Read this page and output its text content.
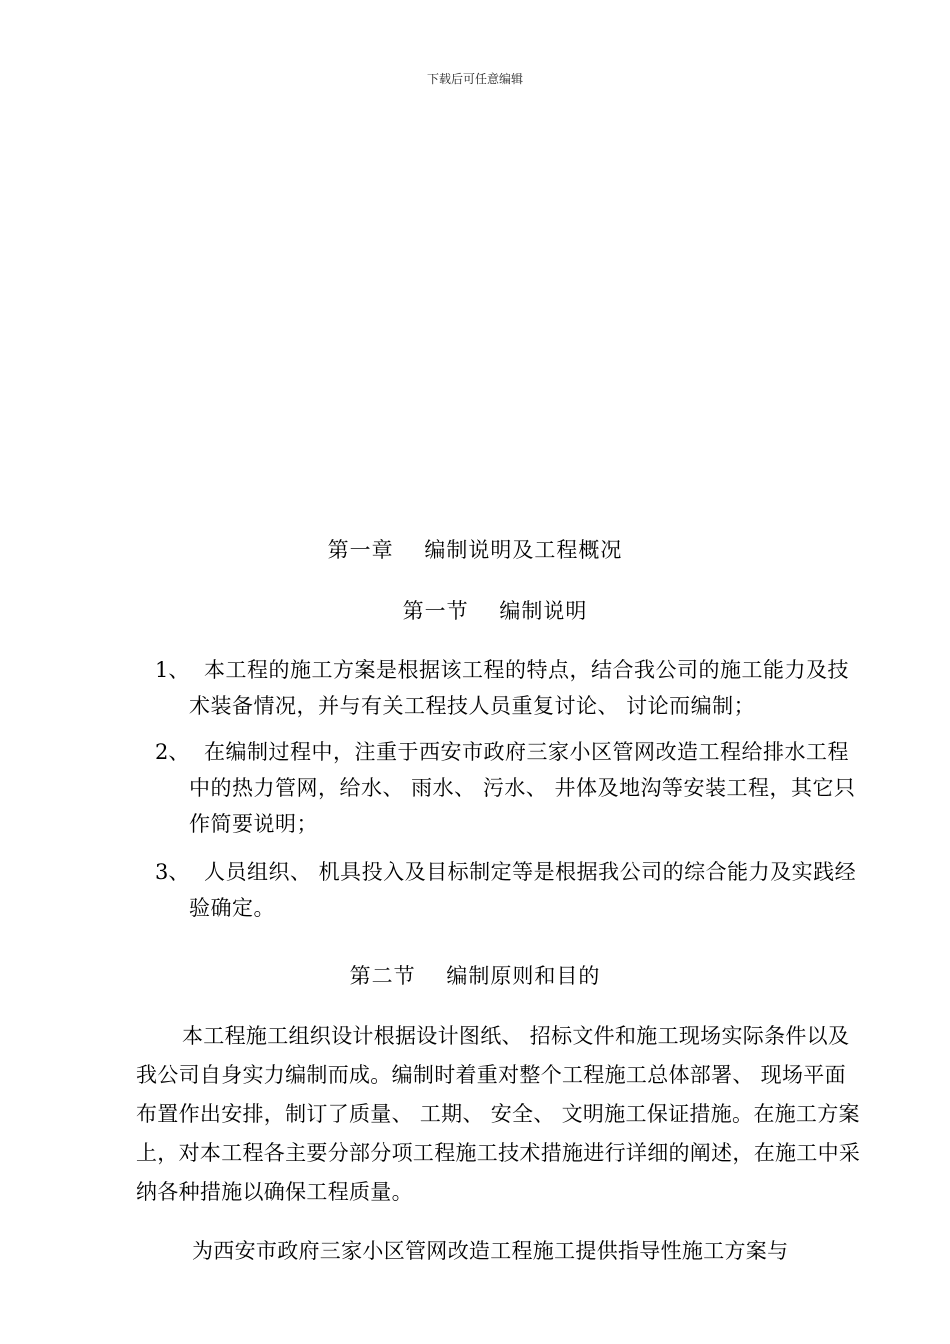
下载后可任意编辑
第一章    编制说明及工程概况
第一节    编制说明
1、 本工程的施工方案是根据该工程的特点，结合我公司的施工能力及技术装备情况，并与有关工程技人员重复讨论、 讨论而编制；
2、 在编制过程中，注重于西安市政府三家小区管网改造工程给排水工程中的热力管网，给水、 雨水、 污水、 井体及地沟等安装工程，其它只作简要说明；
3、 人员组织、 机具投入及目标制定等是根据我公司的综合能力及实践经验确定。
第二节    编制原则和目的
本工程施工组织设计根据设计图纸、 招标文件和施工现场实际条件以及我公司自身实力编制而成。编制时着重对整个工程施工总体部署、 现场平面布置作出安排，制订了质量、 工期、 安全、 文明施工保证措施。在施工方案上，对本工程各主要分部分项工程施工技术措施进行详细的阐述，在施工中采纳各种措施以确保工程质量。
为西安市政府三家小区管网改造工程施工提供指导性施工方案与
